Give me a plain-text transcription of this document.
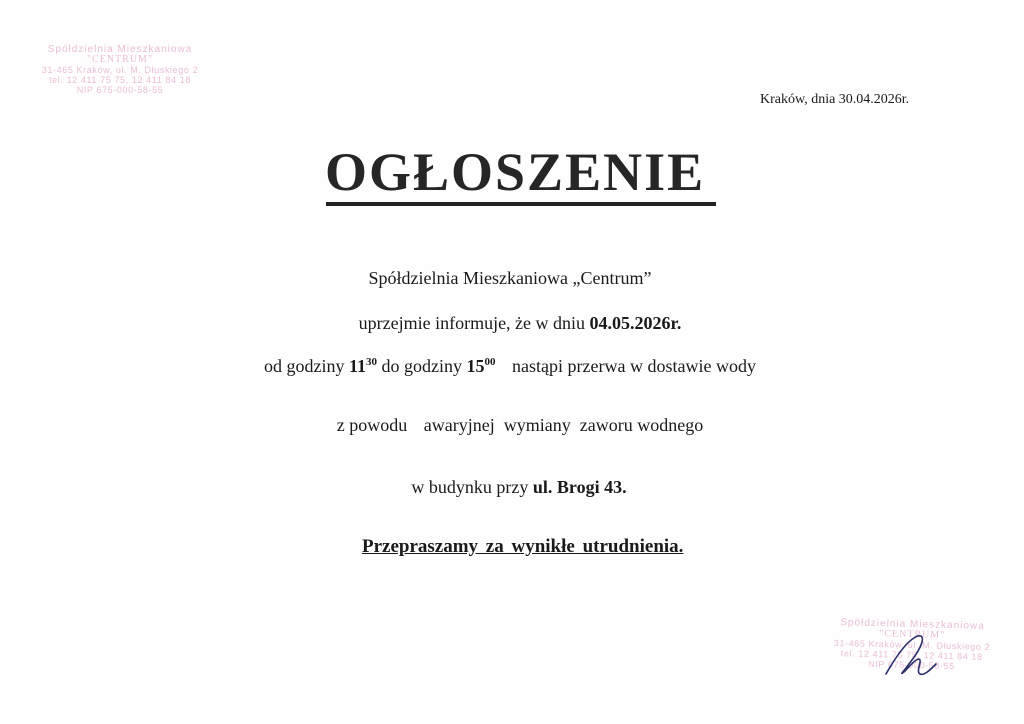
Spółdzielnia Mieszkaniowa
"CENTRUM"
31-465 Kraków, ul. M. Dłuskiego 2
tel. 12 411 75 75, 12 411 84 18
NIP 675-000-58-55
Kraków, dnia 30.04.2026r.
OGŁOSZENIE
Spółdzielnia Mieszkaniowa „Centrum”
uprzejmie informuje, że w dniu 04.05.2026r.
od godziny $11^{30}$ do godziny $15^{00}$ nastąpi przerwa w dostawie wody
z powodu awaryjnej wymiany zaworu wodnego
w budynku przy ul. Brogi 43.
Przepraszamy za wynikłe utrudnienia.
Spółdzielnia Mieszkaniowa
"CENTRUM"
31-465 Kraków, ul. M. Dłuskiego 2
tel. 12 411 75 75, 12 411 84 18
NIP 675-000-58-55
